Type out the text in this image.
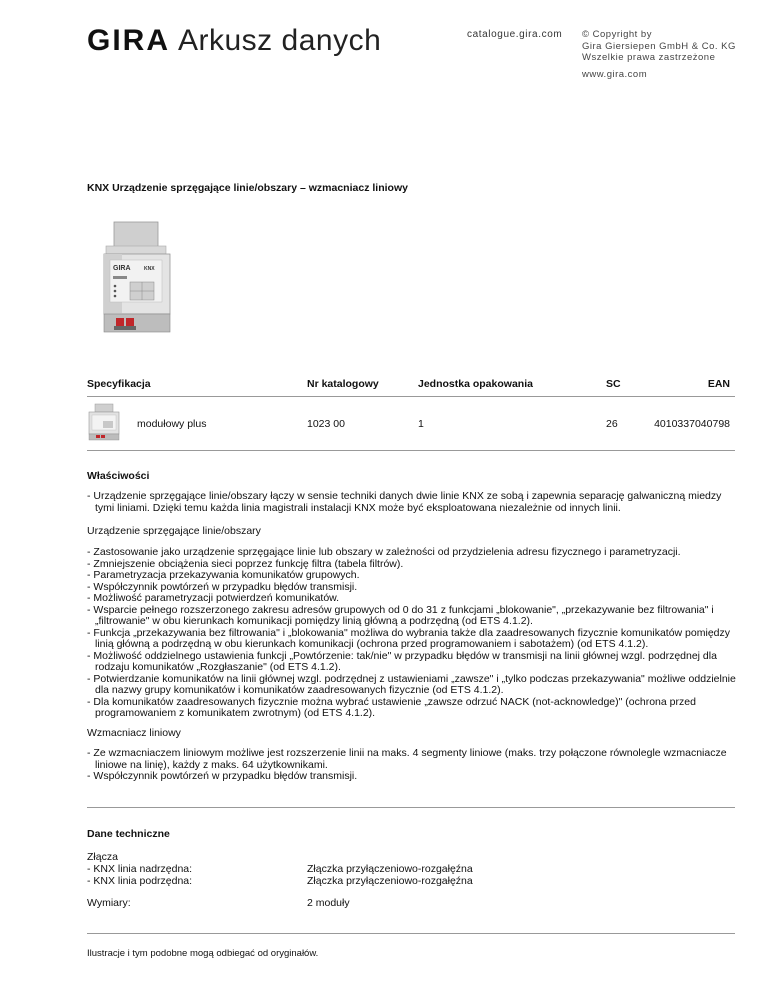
GIRA Arkusz danych	catalogue.gira.com © Copyright by
Gira Giersiepen GmbH & Co. KG
Wszelkie prawa zastrzeżone
www.gira.com
KNX Urządzenie sprzęgające linie/obszary – wzmacniacz liniowy
GIRA	KNX
Specyfikacja	Nr katalogowy	Jednostka opakowania	SC	EAN
modułowy plus	1023 00	1	26	4010337040798
Właściwości
- Urządzenie sprzęgające linie/obszary łączy w sensie techniki danych dwie linie KNX ze sobą i zapewnia separację galwaniczną miedzy
tymi liniami. Dzięki temu każda linia magistrali instalacji KNX może być eksploatowana niezależnie od innych linii.
Urządzenie sprzęgające linie/obszary
- Zastosowanie jako urządzenie sprzęgające linie lub obszary w zależności od przydzielenia adresu fizycznego i parametryzacji.
- Zmniejszenie obciążenia sieci poprzez funkcję filtra (tabela filtrów).
- Parametryzacja przekazywania komunikatów grupowych.
- Współczynnik powtórzeń w przypadku błędów transmisji.
- Możliwość parametryzacji potwierdzeń komunikatów.
- Wsparcie pełnego rozszerzonego zakresu adresów grupowych od 0 do 31 z funkcjami „blokowanie", „przekazywanie bez filtrowania" i
„filtrowanie" w obu kierunkach komunikacji pomiędzy linią główną a podrzędną (od ETS 4.1.2).
- Funkcja „przekazywania bez filtrowania" i „blokowania" możliwa do wybrania także dla zaadresowanych fizycznie komunikatów pomiędzy
linią główną a podrzędną w obu kierunkach komunikacji (ochrona przed programowaniem i sabotażem) (od ETS 4.1.2).
- Możliwość oddzielnego ustawienia funkcji „Powtórzenie: tak/nie" w przypadku błędów w transmisji na linii głównej wzgl. podrzędnej dla
rodzaju komunikatów „Rozgłaszanie" (od ETS 4.1.2).
- Potwierdzanie komunikatów na linii głównej wzgl. podrzędnej z ustawieniami „zawsze" i „tylko podczas przekazywania" możliwe oddzielnie
dla nazwy grupy komunikatów i komunikatów zaadresowanych fizycznie (od ETS 4.1.2).
- Dla komunikatów zaadresowanych fizycznie można wybrać ustawienie „zawsze odrzuć NACK (not-acknowledge)" (ochrona przed
programowaniem z komunikatem zwrotnym) (od ETS 4.1.2).
Wzmacniacz liniowy
- Ze wzmacniaczem liniowym możliwe jest rozszerzenie linii na maks. 4 segmenty liniowe (maks. trzy połączone równolegle wzmacniacze
liniowe na linię), każdy z maks. 64 użytkownikami.
- Współczynnik powtórzeń w przypadku błędów transmisji.
Dane techniczne
Złącza
- KNX linia nadrzędna:	Złączka przyłączeniowo-rozgałęźna
- KNX linia podrzędna:	Złączka przyłączeniowo-rozgałęźna
Wymiary:	2 moduły
Ilustracje i tym podobne mogą odbiegać od oryginałów.
